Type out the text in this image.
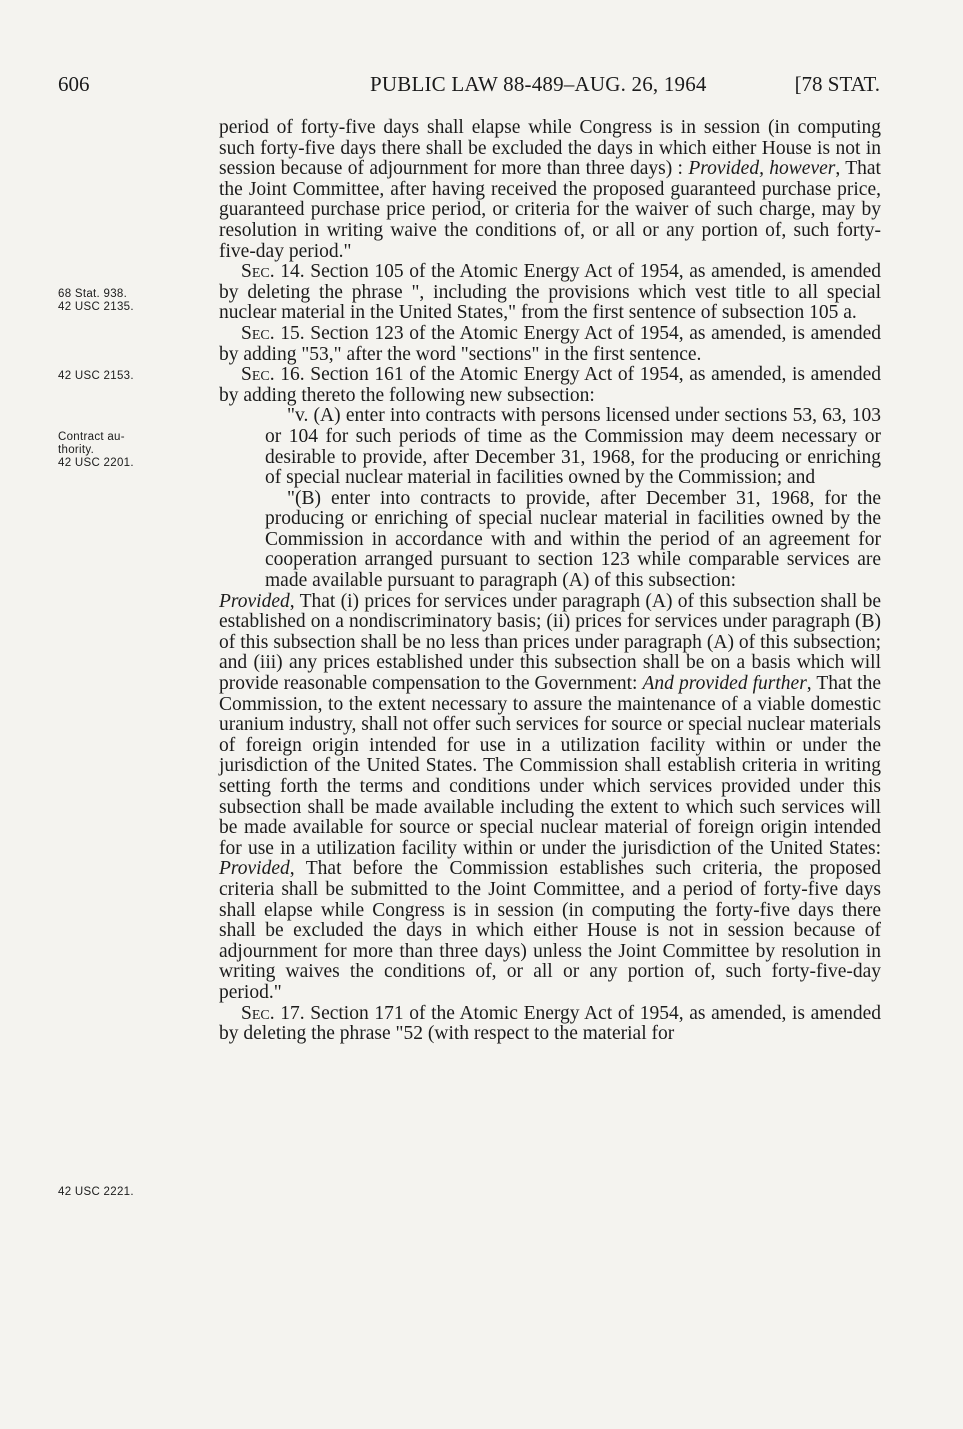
606	PUBLIC LAW 88-489–AUG. 26, 1964	[78 STAT.
68 Stat. 938.
42 USC 2135.
42 USC 2153.
Contract au-
thority.
42 USC 2201.
42 USC 2221.

period of forty-five days shall elapse while Congress is in session (in computing such forty-five days there shall be excluded the days in which either House is not in session because of adjournment for more than three days) : Provided, however, That the Joint Committee, after having received the proposed guaranteed purchase price, guaranteed purchase price period, or criteria for the waiver of such charge, may by resolution in writing waive the conditions of, or all or any portion of, such forty-five-day period."

Sec. 14. Section 105 of the Atomic Energy Act of 1954, as amended, is amended by deleting the phrase ", including the provisions which vest title to all special nuclear material in the United States," from the first sentence of subsection 105 a.

Sec. 15. Section 123 of the Atomic Energy Act of 1954, as amended, is amended by adding "53," after the word "sections" in the first sentence.

Sec. 16. Section 161 of the Atomic Energy Act of 1954, as amended, is amended by adding thereto the following new subsection:

"v. (A) enter into contracts with persons licensed under sections 53, 63, 103 or 104 for such periods of time as the Commission may deem necessary or desirable to provide, after December 31, 1968, for the producing or enriching of special nuclear material in facilities owned by the Commission; and

"(B) enter into contracts to provide, after December 31, 1968, for the producing or enriching of special nuclear material in facilities owned by the Commission in accordance with and within the period of an agreement for cooperation arranged pursuant to section 123 while comparable services are made available pursuant to paragraph (A) of this subsection:

Provided, That (i) prices for services under paragraph (A) of this subsection shall be established on a nondiscriminatory basis; (ii) prices for services under paragraph (B) of this subsection shall be no less than prices under paragraph (A) of this subsection; and (iii) any prices established under this subsection shall be on a basis which will provide reasonable compensation to the Government: And provided further, That the Commission, to the extent necessary to assure the maintenance of a viable domestic uranium industry, shall not offer such services for source or special nuclear materials of foreign origin intended for use in a utilization facility within or under the jurisdiction of the United States. The Commission shall establish criteria in writing setting forth the terms and conditions under which services provided under this subsection shall be made available including the extent to which such services will be made available for source or special nuclear material of foreign origin intended for use in a utilization facility within or under the jurisdiction of the United States: Provided, That before the Commission establishes such criteria, the proposed criteria shall be submitted to the Joint Committee, and a period of forty-five days shall elapse while Congress is in session (in computing the forty-five days there shall be excluded the days in which either House is not in session because of adjournment for more than three days) unless the Joint Committee by resolution in writing waives the conditions of, or all or any portion of, such forty-five-day period."

Sec. 17. Section 171 of the Atomic Energy Act of 1954, as amended, is amended by deleting the phrase "52 (with respect to the material for
